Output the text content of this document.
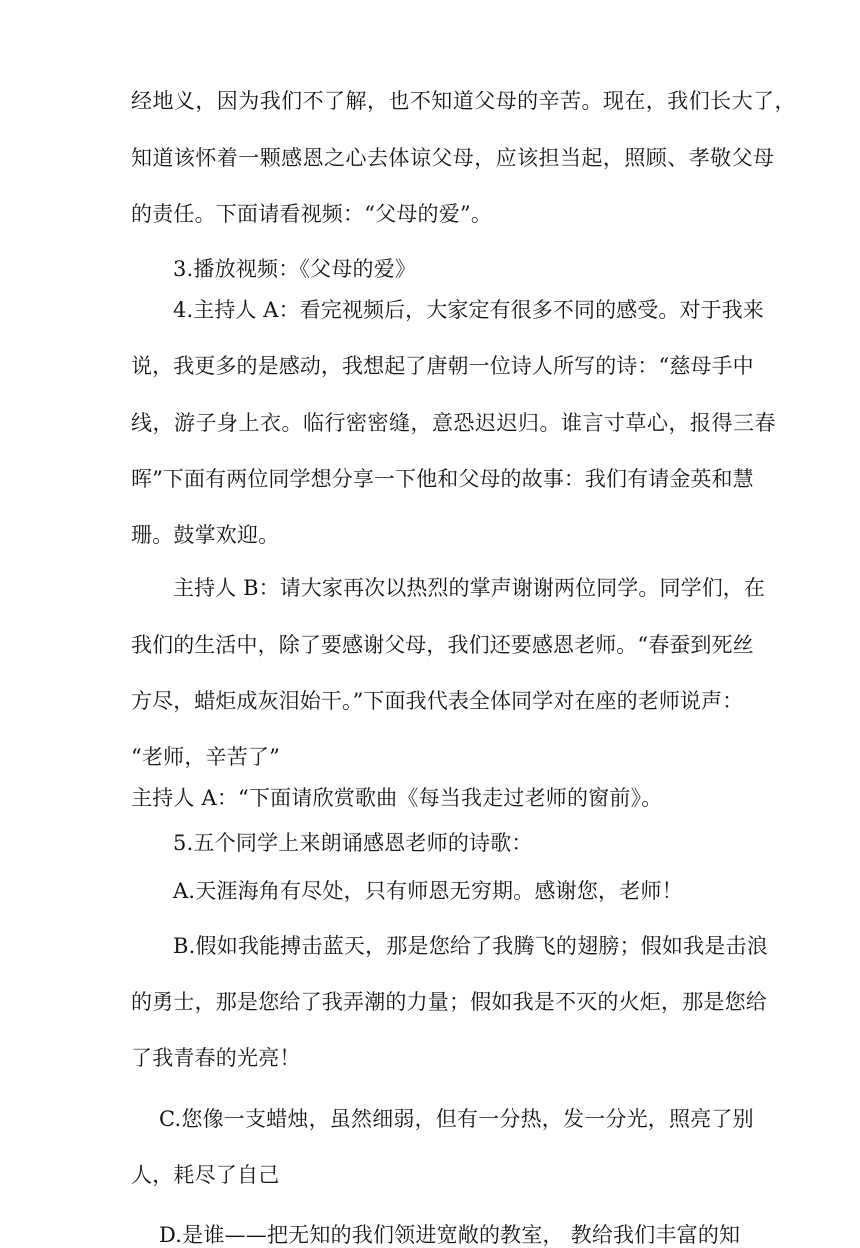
经地义，因为我们不了解，也不知道父母的辛苦。现在，我们长大了，
知道该怀着一颗感恩之心去体谅父母，应该担当起，照顾、孝敬父母
的责任。下面请看视频：“父母的爱”。
3.播放视频：《父母的爱》
4.主持人 A：看完视频后，大家定有很多不同的感受。对于我来
说，我更多的是感动，我想起了唐朝一位诗人所写的诗：“慈母手中
线，游子身上衣。临行密密缝，意恐迟迟归。谁言寸草心，报得三春
晖”下面有两位同学想分享一下他和父母的故事：我们有请金英和慧
珊。鼓掌欢迎。
主持人 B：请大家再次以热烈的掌声谢谢两位同学。同学们，在
我们的生活中，除了要感谢父母，我们还要感恩老师。“春蚕到死丝
方尽，蜡炬成灰泪始干。”下面我代表全体同学对在座的老师说声：
“老师，辛苦了”
主持人 A：“下面请欣赏歌曲《每当我走过老师的窗前》。
5.五个同学上来朗诵感恩老师的诗歌：
A.天涯海角有尽处，只有师恩无穷期。感谢您，老师！
B.假如我能搏击蓝天，那是您给了我腾飞的翅膀；假如我是击浪
的勇士，那是您给了我弄潮的力量；假如我是不灭的火炬，那是您给
了我青春的光亮！
C.您像一支蜡烛，虽然细弱，但有一分热，发一分光，照亮了别
人，耗尽了自己
D.是谁——把无知的我们领进宽敞的教室， 教给我们丰富的知
